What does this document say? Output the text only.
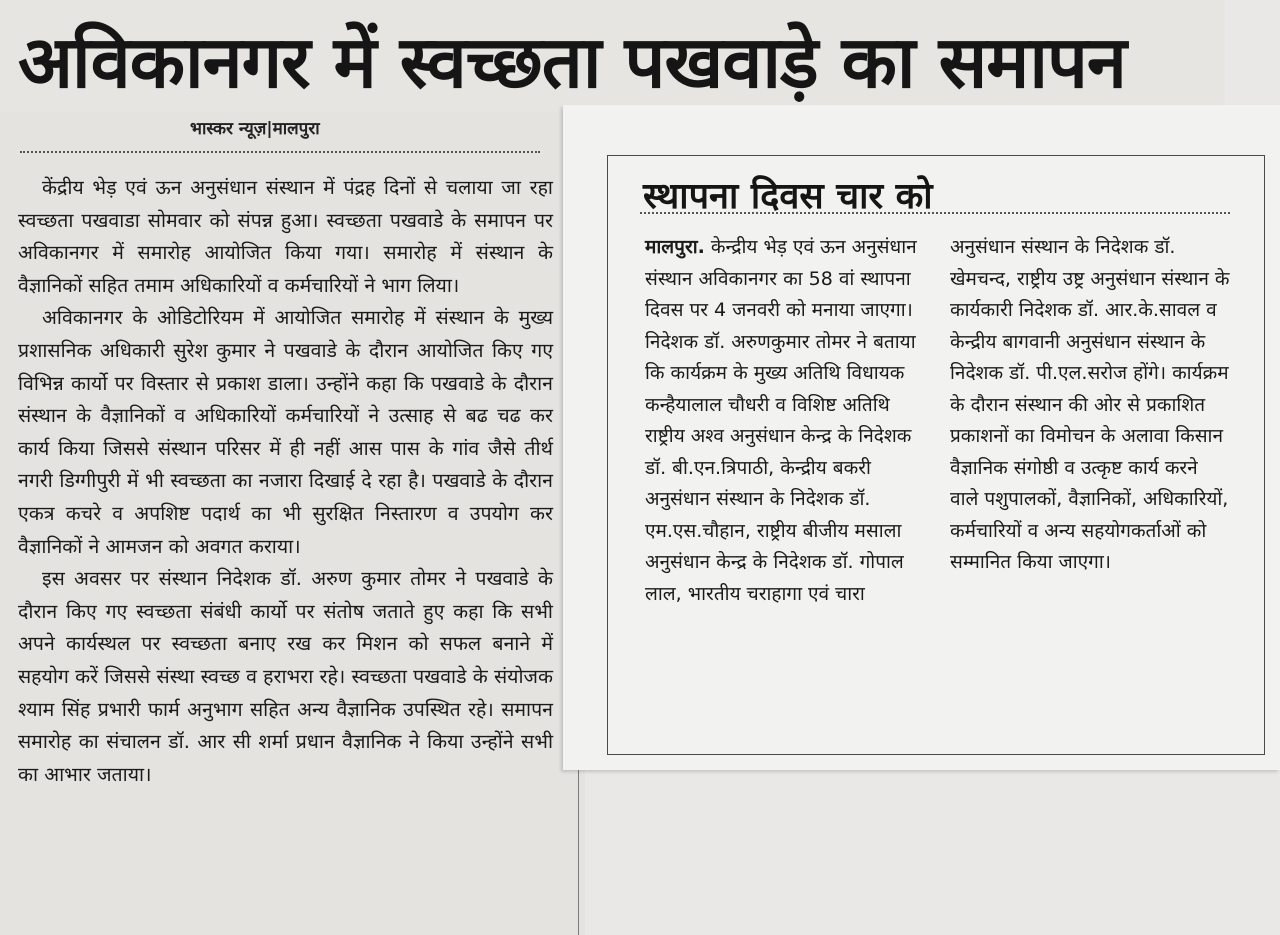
अविकानगर में स्वच्छता पखवाड़े का समापन
भास्कर न्यूज़|मालपुरा

केंद्रीय भेड़ एवं ऊन अनुसंधान संस्थान में पंद्रह दिनों से चलाया जा रहा स्वच्छता पखवाडा सोमवार को संपन्न हुआ। स्वच्छता पखवाडे के समापन पर अविकानगर में समारोह आयोजित किया गया। समारोह में संस्थान के वैज्ञानिकों सहित तमाम अधिकारियों व कर्मचारियों ने भाग लिया।

अविकानगर के ओडिटोरियम में आयोजित समारोह में संस्थान के मुख्य प्रशासनिक अधिकारी सुरेश कुमार ने पखवाडे के दौरान आयोजित किए गए विभिन्न कार्यो पर विस्तार से प्रकाश डाला। उन्होंने कहा कि पखवाडे के दौरान संस्थान के वैज्ञानिकों व अधिकारियों कर्मचारियों ने उत्साह से बढ चढ कर कार्य किया जिससे संस्थान परिसर में ही नहीं आस पास के गांव जैसे तीर्थ नगरी डिग्गीपुरी में भी स्वच्छता का नजारा दिखाई दे रहा है। पखवाडे के दौरान एकत्र कचरे व अपशिष्ट पदार्थ का भी सुरक्षित निस्तारण व उपयोग कर वैज्ञानिकों ने आमजन को अवगत कराया।

इस अवसर पर संस्थान निदेशक डॉ. अरुण कुमार तोमर ने पखवाडे के दौरान किए गए स्वच्छता संबंधी कार्यो पर संतोष जताते हुए कहा कि सभी अपने कार्यस्थल पर स्वच्छता बनाए रख कर मिशन को सफल बनाने में सहयोग करें जिससे संस्था स्वच्छ व हराभरा रहे। स्वच्छता पखवाडे के संयोजक श्याम सिंह प्रभारी फार्म अनुभाग सहित अन्य वैज्ञानिक उपस्थित रहे। समापन समारोह का संचालन डॉ. आर सी शर्मा प्रधान वैज्ञानिक ने किया उन्होंने सभी का आभार जताया।

स्थापना दिवस चार को

मालपुरा. केन्द्रीय भेड़ एवं ऊन अनुसंधान संस्थान अविकानगर का 58 वां स्थापना दिवस पर 4 जनवरी को मनाया जाएगा। निदेशक डॉ. अरुणकुमार तोमर ने बताया कि कार्यक्रम के मुख्य अतिथि विधायक कन्हैयालाल चौधरी व विशिष्ट अतिथि राष्ट्रीय अश्व अनुसंधान केन्द्र के निदेशक डॉ. बी.एन.त्रिपाठी, केन्द्रीय बकरी अनुसंधान संस्थान के निदेशक डॉ. एम.एस.चौहान, राष्ट्रीय बीजीय मसाला अनुसंधान केन्द्र के निदेशक डॉ. गोपाल लाल, भारतीय चराहागा एवं चारा

अनुसंधान संस्थान के निदेशक डॉ. खेमचन्द, राष्ट्रीय उष्ट्र अनुसंधान संस्थान के कार्यकारी निदेशक डॉ. आर.के.सावल व केन्द्रीय बागवानी अनुसंधान संस्थान के निदेशक डॉ. पी.एल.सरोज होंगे। कार्यक्रम के दौरान संस्थान की ओर से प्रकाशित प्रकाशनों का विमोचन के अलावा किसान वैज्ञानिक संगोष्ठी व उत्कृष्ट कार्य करने वाले पशुपालकों, वैज्ञानिकों, अधिकारियों, कर्मचारियों व अन्य सहयोगकर्ताओं को सम्मानित किया जाएगा।
